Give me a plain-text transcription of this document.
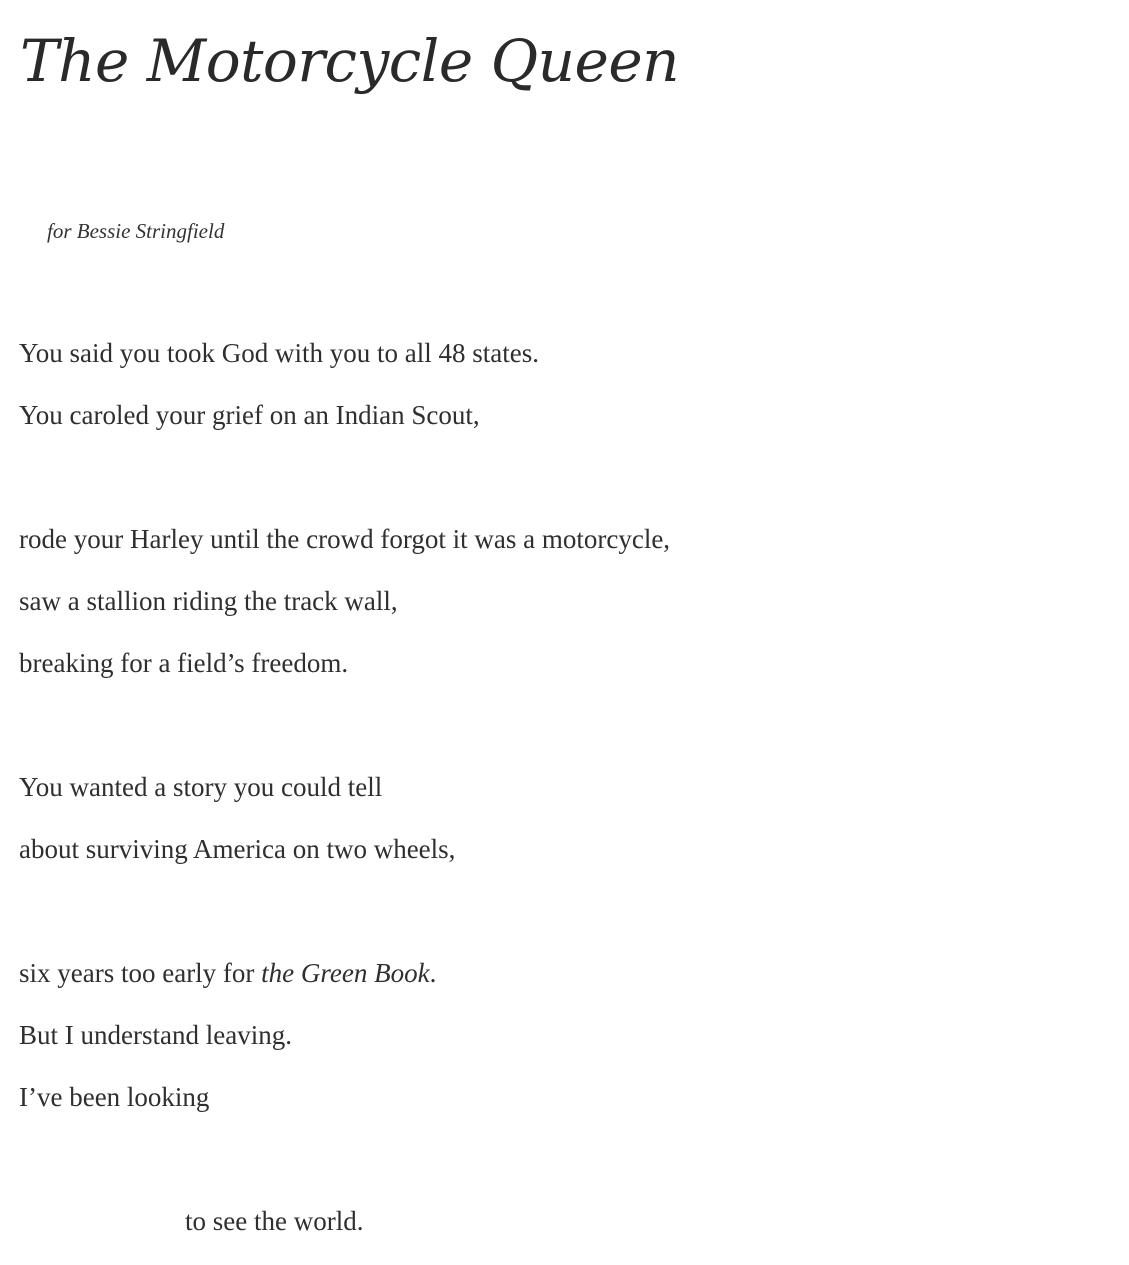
The Motorcycle Queen
for Bessie Stringfield

You said you took God with you to all 48 states.

You caroled your grief on an Indian Scout,

rode your Harley until the crowd forgot it was a motorcycle,

saw a stallion riding the track wall,

breaking for a field’s freedom.

You wanted a story you could tell

about surviving America on two wheels,

six years too early for the Green Book.

But I understand leaving.

I’ve been looking

to see the world.
